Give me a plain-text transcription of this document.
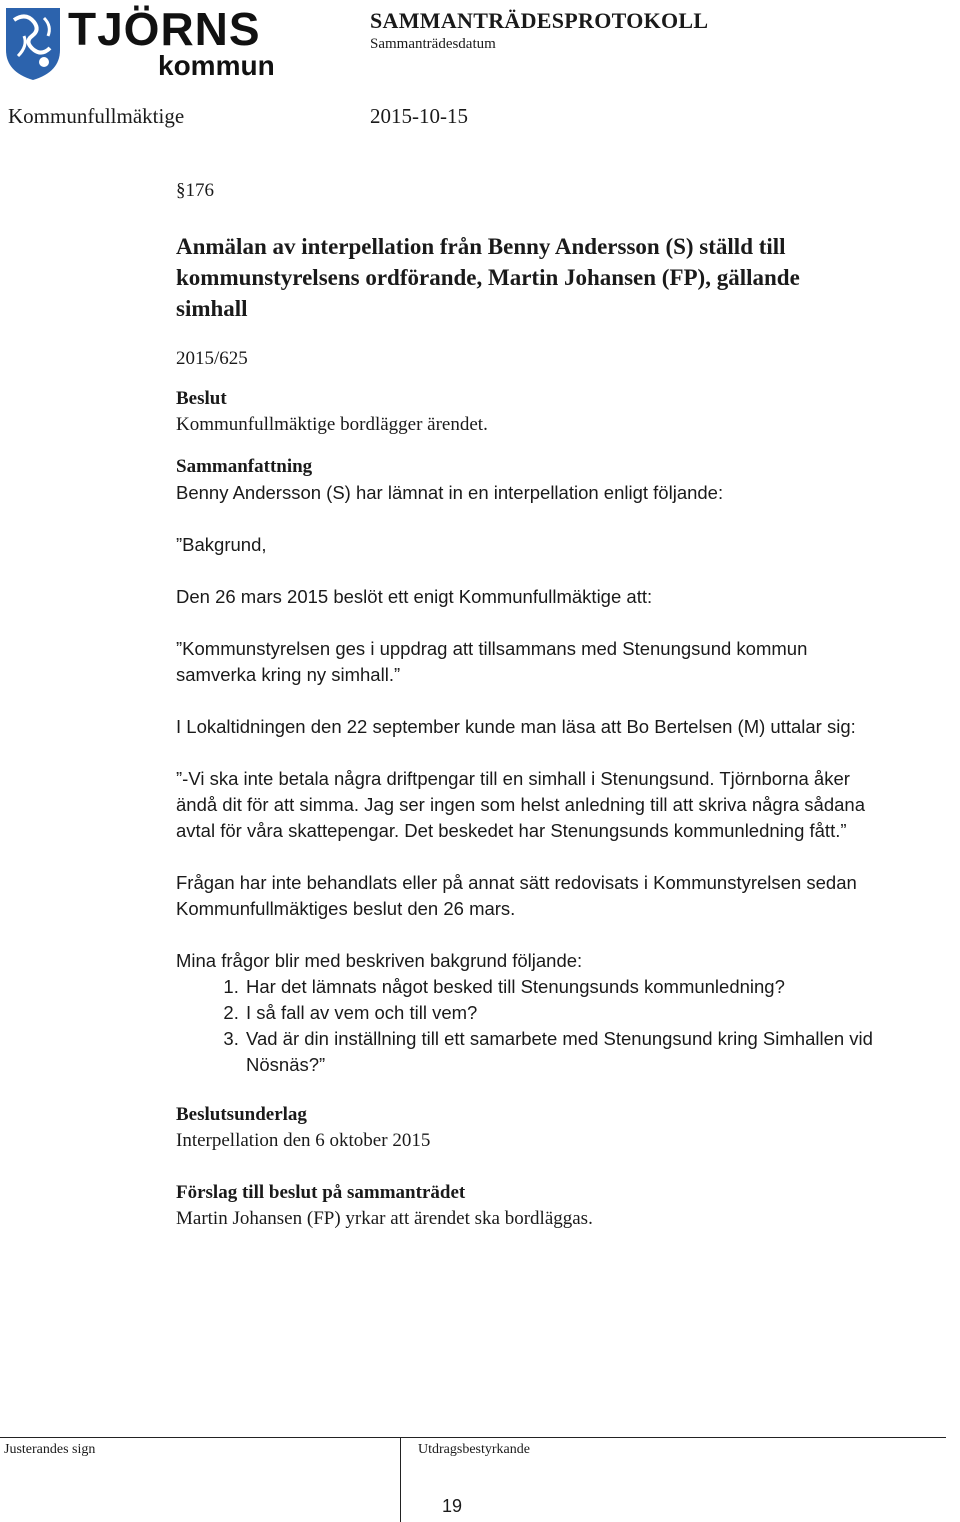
TJÖRNS
kommun
SAMMANTRÄDESPROTOKOLL
Sammanträdesdatum
Kommunfullmäktige	2015-10-15

§176

Anmälan av interpellation från Benny Andersson (S) ställd till
kommunstyrelsens ordförande, Martin Johansen (FP), gällande
simhall

2015/625

Beslut

Kommunfullmäktige bordlägger ärendet.

Sammanfattning

Benny Andersson (S) har lämnat in en interpellation enligt följande:

”Bakgrund,

Den 26 mars 2015 beslöt ett enigt Kommunfullmäktige att:

”Kommunstyrelsen ges i uppdrag att tillsammans med Stenungsund kommun

samverka kring ny simhall.”

I Lokaltidningen den 22 september kunde man läsa att Bo Bertelsen (M) uttalar sig:

”-Vi ska inte betala några driftpengar till en simhall i Stenungsund. Tjörnborna åker

ändå dit för att simma. Jag ser ingen som helst anledning till att skriva några sådana

avtal för våra skattepengar. Det beskedet har Stenungsunds kommunledning fått.”

Frågan har inte behandlats eller på annat sätt redovisats i Kommunstyrelsen sedan

Kommunfullmäktiges beslut den 26 mars.

Mina frågor blir med beskriven bakgrund följande:

1. Har det lämnats något besked till Stenungsunds kommunledning?
2. I så fall av vem och till vem?
3. Vad är din inställning till ett samarbete med Stenungsund kring Simhallen vid Nösnäs?”

Beslutsunderlag

Interpellation den 6 oktober 2015

Förslag till beslut på sammanträdet

Martin Johansen (FP) yrkar att ärendet ska bordläggas.

Justerandes sign	Utdragsbestyrkande
19
